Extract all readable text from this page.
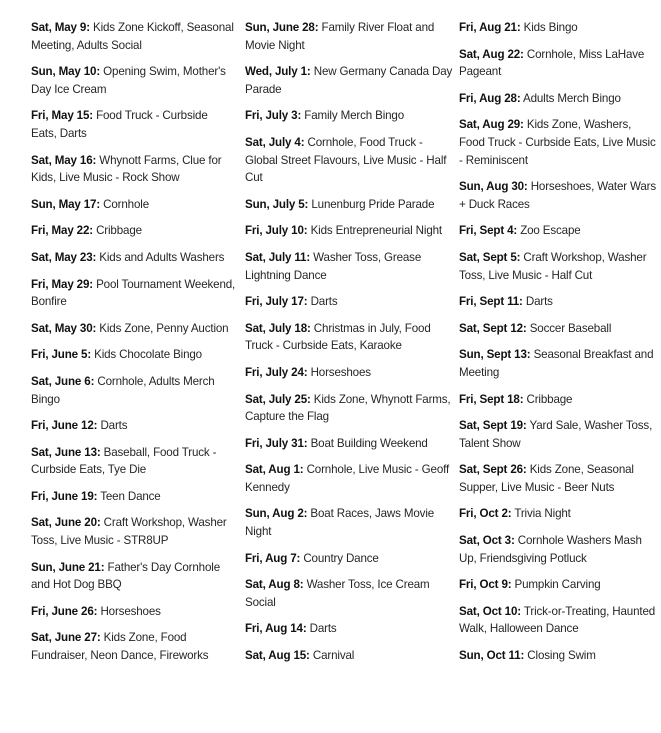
Sat, May 9: Kids Zone Kickoff, Seasonal Meeting, Adults Social

Sun, May 10: Opening Swim, Mother's Day Ice Cream

Fri, May 15: Food Truck - Curbside Eats, Darts

Sat, May 16: Whynott Farms, Clue for Kids, Live Music - Rock Show

Sun, May 17: Cornhole

Fri, May 22: Cribbage

Sat, May 23: Kids and Adults Washers

Fri, May 29: Pool Tournament Weekend, Bonfire

Sat, May 30: Kids Zone, Penny Auction

Fri, June 5: Kids Chocolate Bingo

Sat, June 6: Cornhole, Adults Merch Bingo

Fri, June 12: Darts

Sat, June 13: Baseball, Food Truck - Curbside Eats, Tye Die

Fri, June 19: Teen Dance

Sat, June 20: Craft Workshop, Washer Toss, Live Music - STR8UP

Sun, June 21: Father's Day Cornhole and Hot Dog BBQ

Fri, June 26: Horseshoes

Sat, June 27: Kids Zone, Food Fundraiser, Neon Dance, Fireworks

Sun, June 28: Family River Float and Movie Night

Wed, July 1: New Germany Canada Day Parade

Fri, July 3: Family Merch Bingo

Sat, July 4: Cornhole, Food Truck - Global Street Flavours, Live Music - Half Cut

Sun, July 5: Lunenburg Pride Parade

Fri, July 10: Kids Entrepreneurial Night

Sat, July 11: Washer Toss, Grease Lightning Dance

Fri, July 17: Darts

Sat, July 18: Christmas in July, Food Truck - Curbside Eats, Karaoke

Fri, July 24: Horseshoes

Sat, July 25: Kids Zone, Whynott Farms, Capture the Flag

Fri, July 31: Boat Building Weekend

Sat, Aug 1: Cornhole, Live Music - Geoff Kennedy

Sun, Aug 2: Boat Races, Jaws Movie Night

Fri, Aug 7: Country Dance

Sat, Aug 8: Washer Toss, Ice Cream Social

Fri, Aug 14: Darts

Sat, Aug 15: Carnival

Fri, Aug 21: Kids Bingo

Sat, Aug 22: Cornhole, Miss LaHave Pageant

Fri, Aug 28: Adults Merch Bingo

Sat, Aug 29: Kids Zone, Washers, Food Truck - Curbside Eats, Live Music - Reminiscent

Sun, Aug 30: Horseshoes, Water Wars + Duck Races

Fri, Sept 4: Zoo Escape

Sat, Sept 5: Craft Workshop, Washer Toss, Live Music - Half Cut

Fri, Sept 11: Darts

Sat, Sept 12: Soccer Baseball

Sun, Sept 13: Seasonal Breakfast and Meeting

Fri, Sept 18: Cribbage

Sat, Sept 19: Yard Sale, Washer Toss, Talent Show

Sat, Sept 26: Kids Zone, Seasonal Supper, Live Music - Beer Nuts

Fri, Oct 2: Trivia Night

Sat, Oct 3: Cornhole Washers Mash Up, Friendsgiving Potluck

Fri, Oct 9: Pumpkin Carving

Sat, Oct 10: Trick-or-Treating, Haunted Walk, Halloween Dance

Sun, Oct 11: Closing Swim
